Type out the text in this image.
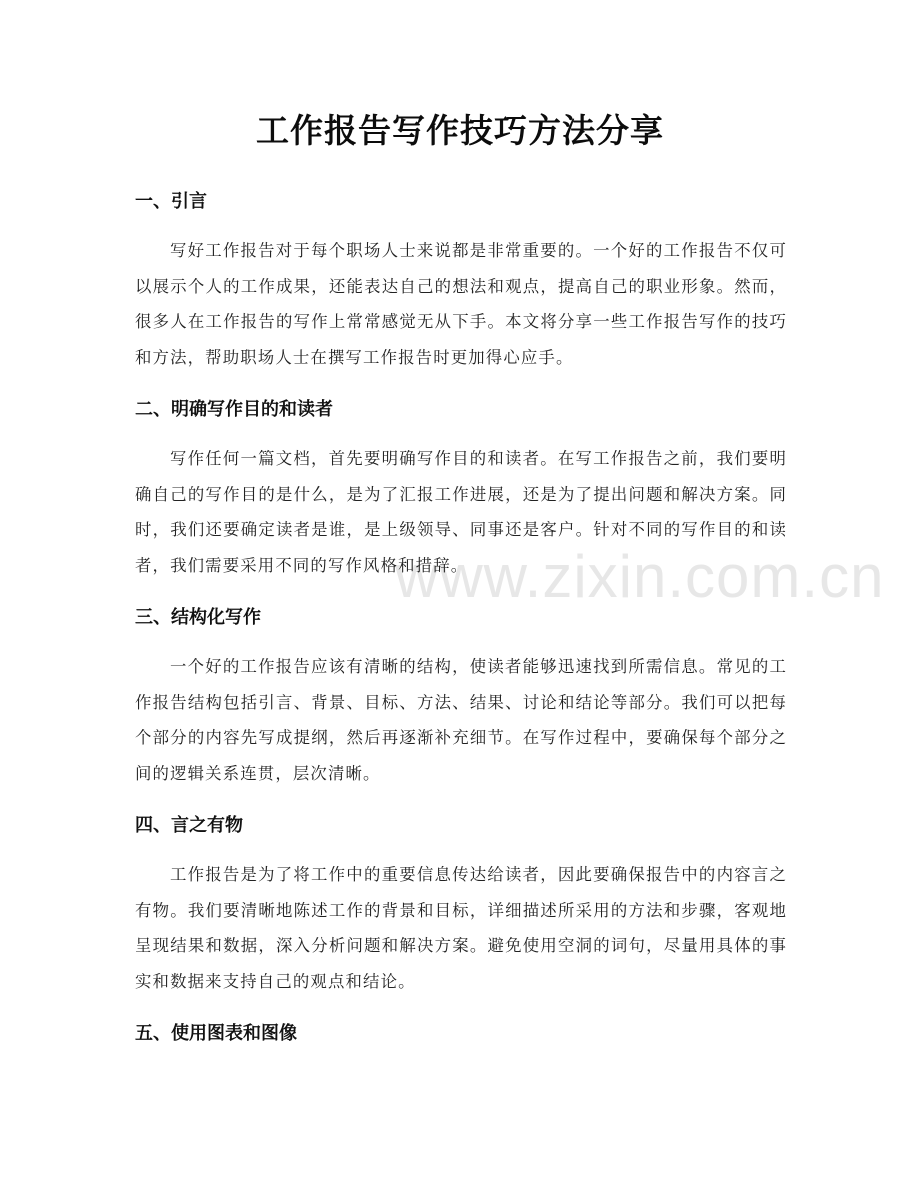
www.zixin.com.cn
工作报告写作技巧方法分享
一、引言

写好工作报告对于每个职场人士来说都是非常重要的。一个好的工作报告不仅可以展示个人的工作成果，还能表达自己的想法和观点，提高自己的职业形象。然而，很多人在工作报告的写作上常常感觉无从下手。本文将分享一些工作报告写作的技巧和方法，帮助职场人士在撰写工作报告时更加得心应手。

二、明确写作目的和读者

写作任何一篇文档，首先要明确写作目的和读者。在写工作报告之前，我们要明确自己的写作目的是什么，是为了汇报工作进展，还是为了提出问题和解决方案。同时，我们还要确定读者是谁，是上级领导、同事还是客户。针对不同的写作目的和读者，我们需要采用不同的写作风格和措辞。

三、结构化写作

一个好的工作报告应该有清晰的结构，使读者能够迅速找到所需信息。常见的工作报告结构包括引言、背景、目标、方法、结果、讨论和结论等部分。我们可以把每个部分的内容先写成提纲，然后再逐渐补充细节。在写作过程中，要确保每个部分之间的逻辑关系连贯，层次清晰。

四、言之有物

工作报告是为了将工作中的重要信息传达给读者，因此要确保报告中的内容言之有物。我们要清晰地陈述工作的背景和目标，详细描述所采用的方法和步骤，客观地呈现结果和数据，深入分析问题和解决方案。避免使用空洞的词句，尽量用具体的事实和数据来支持自己的观点和结论。

五、使用图表和图像
